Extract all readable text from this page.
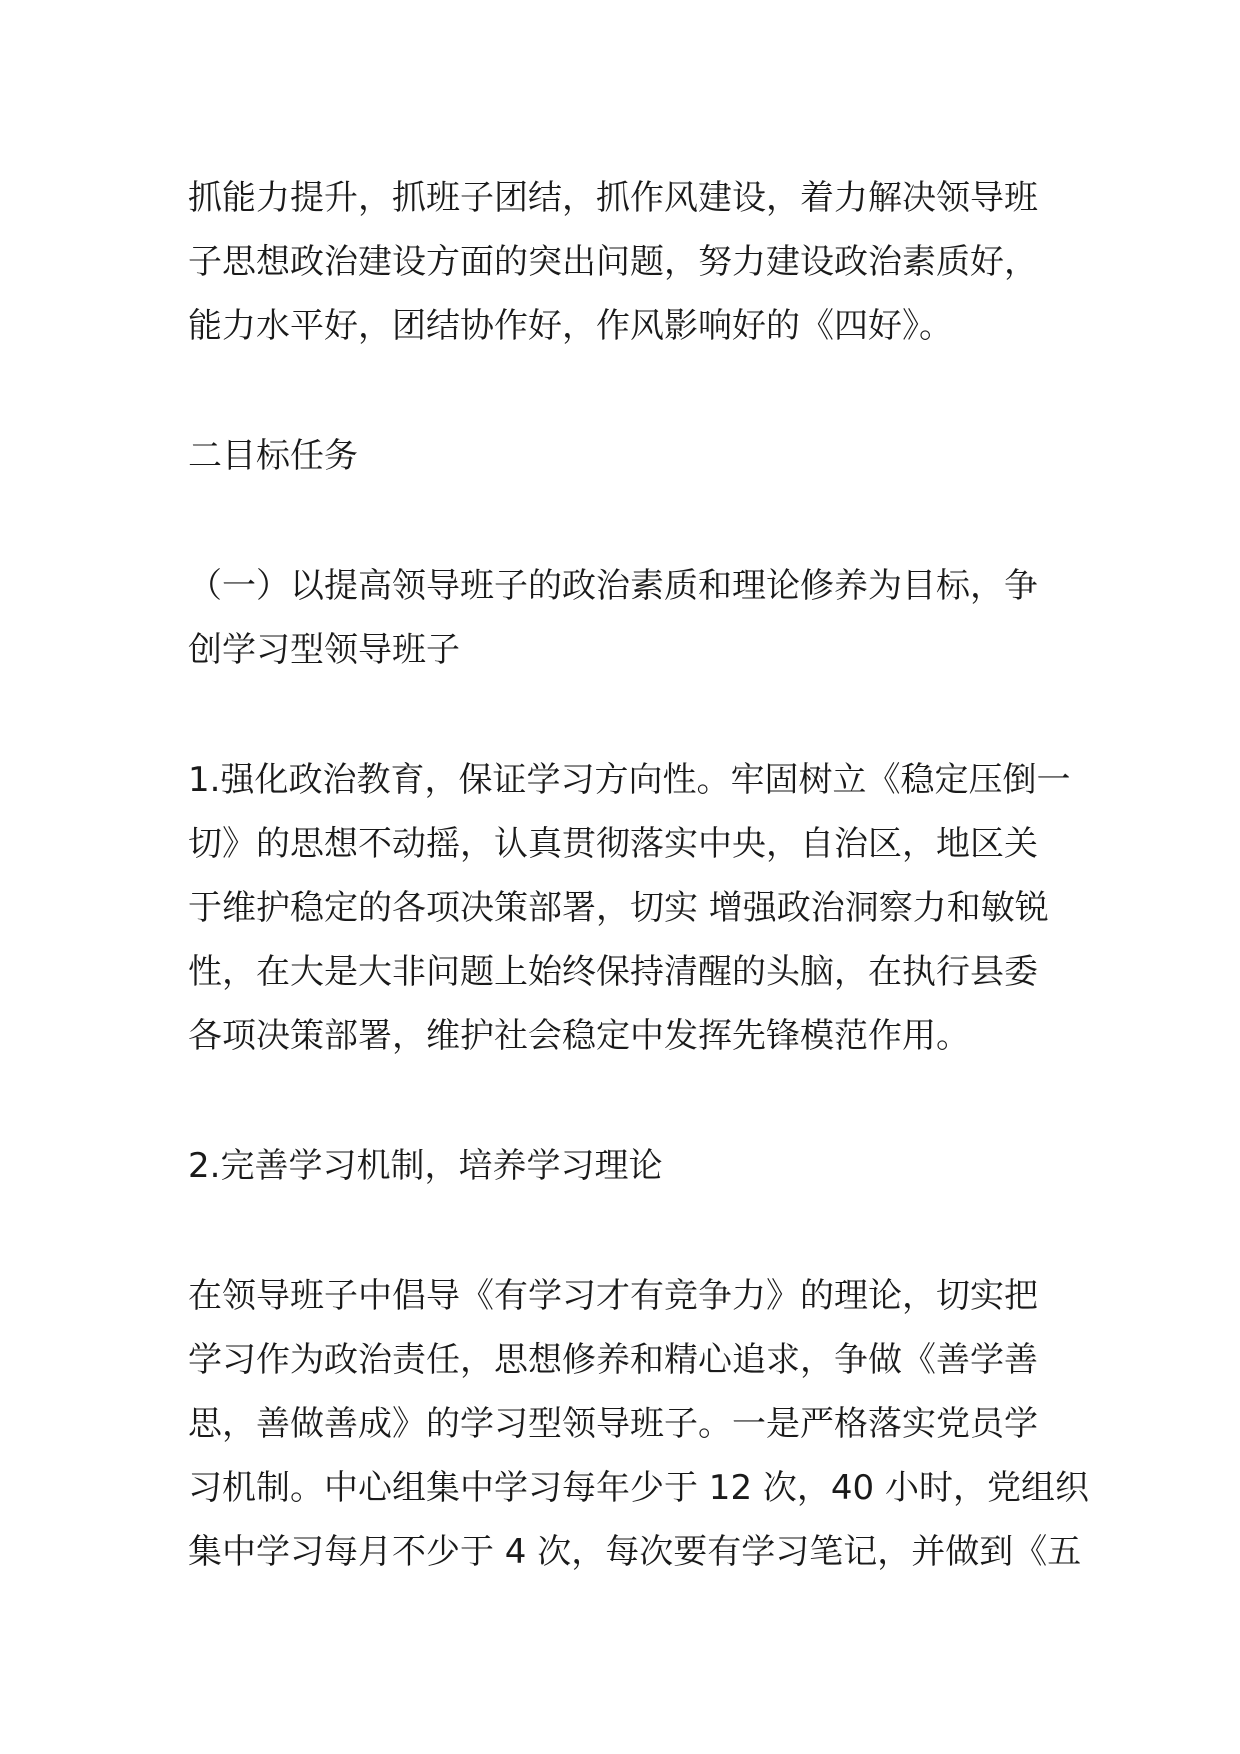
抓能力提升，抓班子团结，抓作风建设，着力解决领导班
子思想政治建设方面的突出问题，努力建设政治素质好，
能力水平好，团结协作好，作风影响好的《四好》。
二目标任务
（一）以提高领导班子的政治素质和理论修养为目标，争
创学习型领导班子
1.强化政治教育，保证学习方向性。牢固树立《稳定压倒一
切》的思想不动摇，认真贯彻落实中央，自治区，地区关
于维护稳定的各项决策部署，切实 增强政治洞察力和敏锐
性，在大是大非问题上始终保持清醒的头脑，在执行县委
各项决策部署，维护社会稳定中发挥先锋模范作用。
2.完善学习机制，培养学习理论
在领导班子中倡导《有学习才有竞争力》的理论，切实把
学习作为政治责任，思想修养和精心追求，争做《善学善
思，善做善成》的学习型领导班子。一是严格落实党员学
习机制。中心组集中学习每年少于 12 次，40 小时，党组织
集中学习每月不少于 4 次，每次要有学习笔记，并做到《五
